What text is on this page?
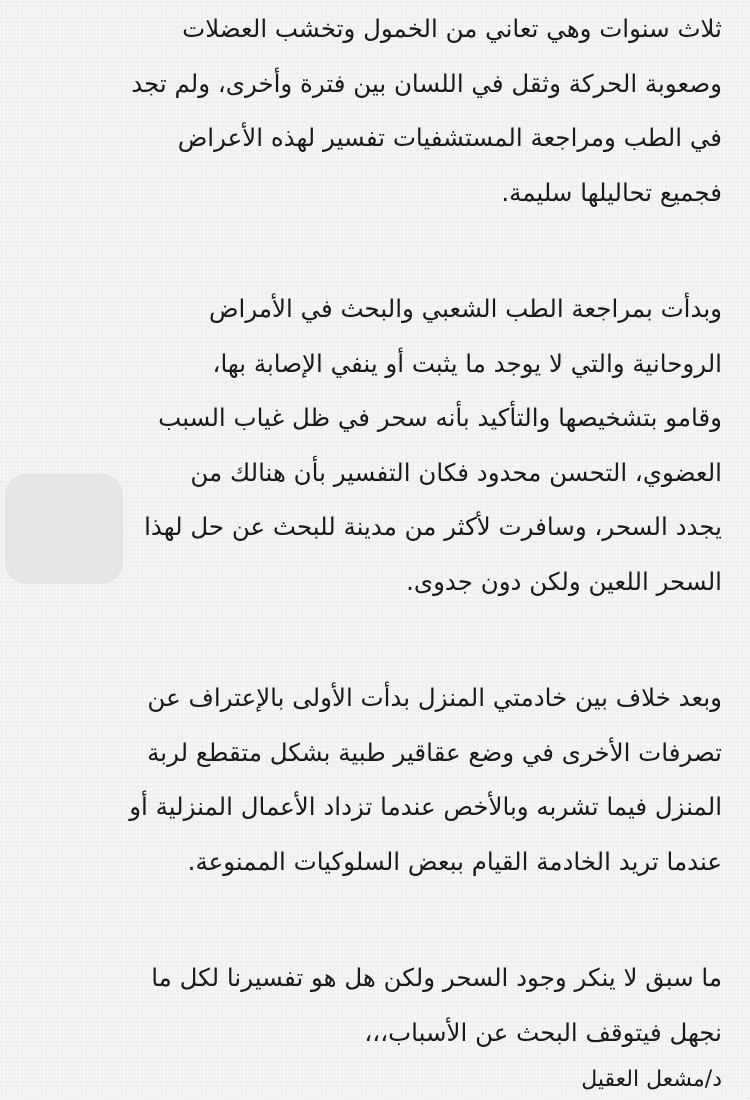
ثلاث سنوات وهي تعاني من الخمول وتخشب العضلات
وصعوبة الحركة وثقل في اللسان بين فترة وأخرى، ولم تجد
في الطب ومراجعة المستشفيات تفسير لهذه الأعراض
فجميع تحاليلها سليمة.
وبدأت بمراجعة الطب الشعبي والبحث في الأمراض
الروحانية والتي لا يوجد ما يثبت أو ينفي الإصابة بها،
وقامو بتشخيصها والتأكيد بأنه سحر في ظل غياب السبب
العضوي، التحسن محدود فكان التفسير بأن هنالك من
يجدد السحر، وسافرت لأكثر من مدينة للبحث عن حل لهذا
السحر اللعين ولكن دون جدوى.
وبعد خلاف بين خادمتي المنزل بدأت الأولى بالإعتراف عن
تصرفات الأخرى في وضع عقاقير طبية بشكل متقطع لربة
المنزل فيما تشربه وبالأخص عندما تزداد الأعمال المنزلية أو
عندما تريد الخادمة القيام ببعض السلوكيات الممنوعة.
ما سبق لا ينكر وجود السحر ولكن هل هو تفسيرنا لكل ما
نجهل فيتوقف البحث عن الأسباب،،،
د/مشعل العقيل
